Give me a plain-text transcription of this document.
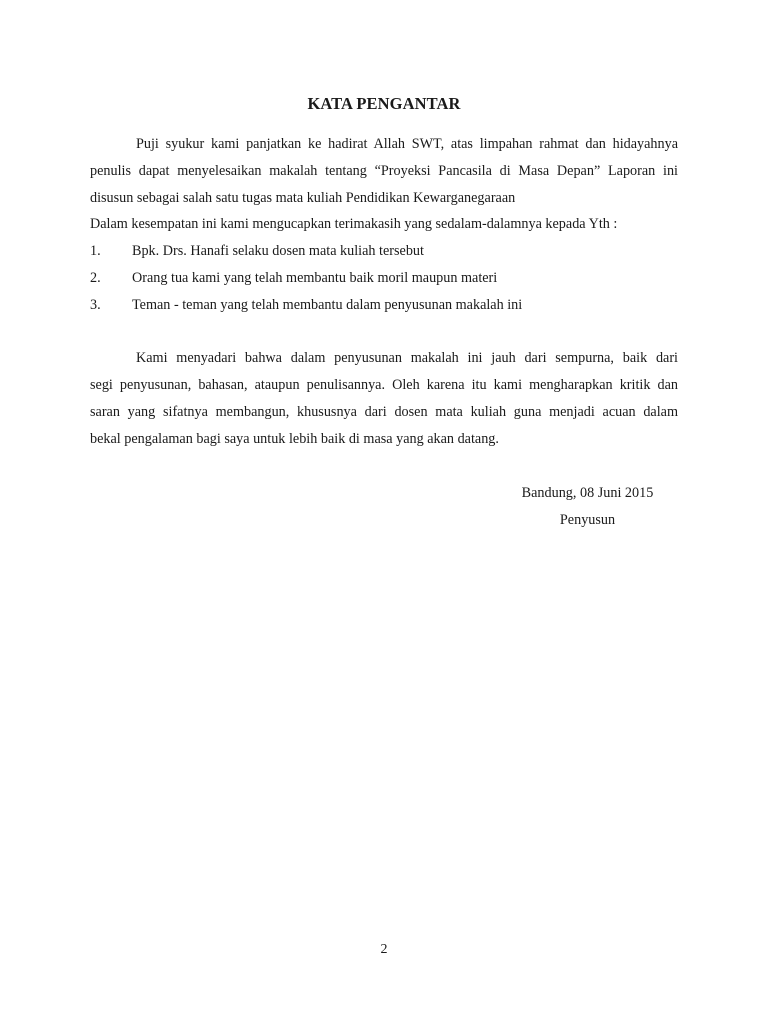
KATA PENGANTAR
Puji syukur kami panjatkan ke hadirat Allah SWT, atas limpahan rahmat dan hidayahnya
penulis dapat menyelesaikan makalah tentang “Proyeksi Pancasila di Masa Depan” Laporan ini
disusun sebagai salah satu tugas mata kuliah Pendidikan Kewarganegaraan
Dalam kesempatan ini kami mengucapkan terimakasih yang sedalam-dalamnya kepada Yth :
1.	Bpk. Drs. Hanafi selaku dosen mata kuliah tersebut
2.	Orang tua kami yang telah membantu baik moril maupun materi
3.	Teman - teman yang telah membantu dalam penyusunan makalah ini
Kami menyadari bahwa dalam penyusunan makalah ini jauh dari sempurna, baik dari
segi penyusunan, bahasan, ataupun penulisannya. Oleh karena itu kami mengharapkan kritik dan
saran yang sifatnya membangun, khususnya dari dosen mata kuliah guna menjadi acuan dalam
bekal pengalaman bagi saya untuk lebih baik di masa yang akan datang.
Bandung, 08 Juni 2015
Penyusun
2
